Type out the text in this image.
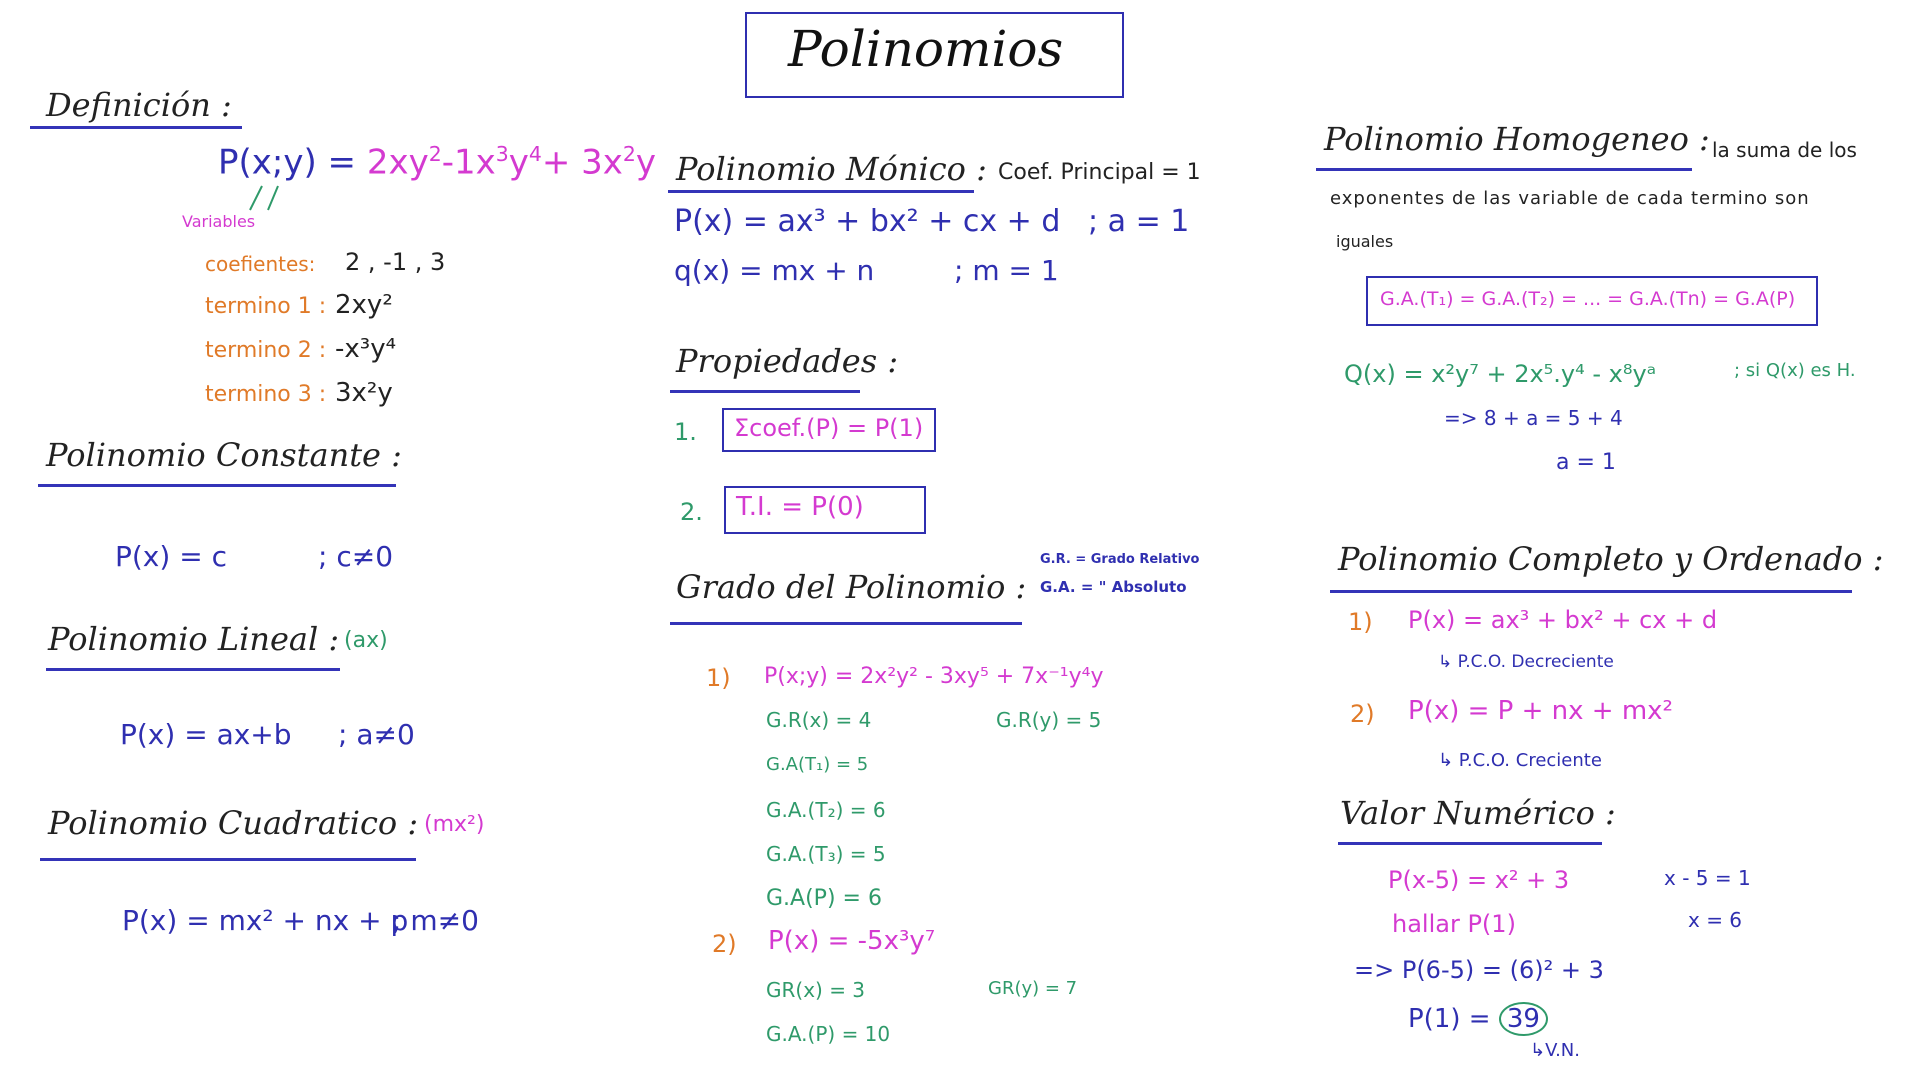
Polinomios
Definición :
P(x;y) = $2xy^2-1x^3y^4+ 3x^2y$
Variables
coefientes: 2 , -1 , 3
termino 1 : 2xy²
termino 2 : -x³y⁴
termino 3 : 3x²y
Polinomio Constante :
P(x) = c	; c≠0
Polinomio Lineal : (ax)
P(x) = ax+b ; a≠0
Polinomio Cuadratico : (mx²)
P(x) = mx² + nx + p
; m≠0
Polinomio Mónico : Coef. Principal = 1
P(x) = ax³ + bx² + cx + d ; a = 1
q(x) = mx + n	; m = 1
Propiedades :
1. Σcoef.(P) = P(1)
2. T.I. = P(0)
Grado del Polinomio :
G.R. = Grado Relativo
G.A. = " Absoluto
1) P(x;y) = 2x²y² - 3xy⁵ + 7x⁻¹y⁴y
G.R(x) = 4	G.R(y) = 5
G.A(T₁) = 5
G.A.(T₂) = 6
G.A.(T₃) = 5
G.A(P) = 6
2) P(x) = -5x³y⁷
GR(x) = 3	GR(y) = 7
G.A.(P) = 10
Polinomio Homogeneo : la suma de los
exponentes de las variable de cada termino son
iguales
G.A.(T₁) = G.A.(T₂) = ... = G.A.(Tn) = G.A(P)
Q(x) = x²y⁷ + 2x⁵.y⁴ - x⁸yᵃ	; si Q(x) es H.
=> 8 + a = 5 + 4
a = 1
Polinomio Completo y Ordenado :
1) P(x) = ax³ + bx² + cx + d
↳ P.C.O. Decreciente
2) P(x) = P + nx + mx²
↳ P.C.O. Creciente
Valor Numérico :
P(x-5) = x² + 3	x - 5 = 1
hallar P(1)	x = 6
=> P(6-5) = (6)² + 3
P(1) = 39
↳V.N.
